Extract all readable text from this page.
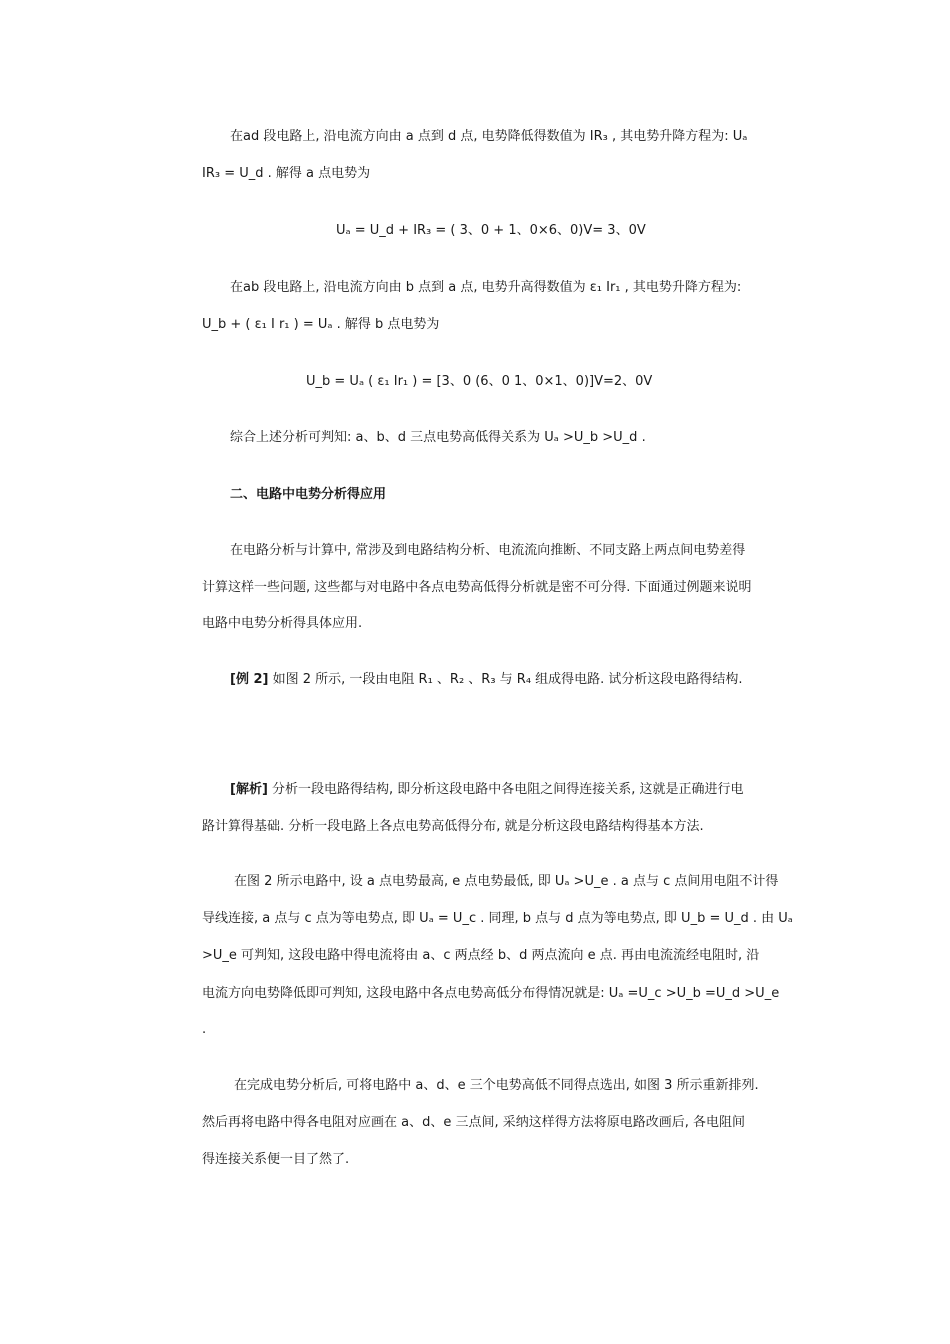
在ad 段电路上, 沿电流方向由 a 点到 d 点, 电势降低得数值为 IR₃ , 其电势升降方程为: Uₐ
IR₃ = U_d . 解得 a 点电势为
Uₐ = U_d + IR₃ = ( 3、0 + 1、0×6、0)V= 3、0V
在ab 段电路上, 沿电流方向由 b 点到 a 点, 电势升高得数值为 ε₁ Ir₁ , 其电势升降方程为:
U_b + ( ε₁ I r₁ ) = Uₐ . 解得 b 点电势为
U_b = Uₐ ( ε₁ Ir₁ ) = [3、0 (6、0 1、0×1、0)]V=2、0V
综合上述分析可判知: a、b、d 三点电势高低得关系为 Uₐ >U_b >U_d .
二、电路中电势分析得应用
在电路分析与计算中, 常涉及到电路结构分析、电流流向推断、不同支路上两点间电势差得
计算这样一些问题, 这些都与对电路中各点电势高低得分析就是密不可分得. 下面通过例题来说明
电路中电势分析得具体应用.
[例 2] 如图 2 所示, 一段由电阻 R₁ 、R₂ 、R₃ 与 R₄ 组成得电路. 试分析这段电路得结构.
[解析] 分析一段电路得结构, 即分析这段电路中各电阻之间得连接关系, 这就是正确进行电
路计算得基础. 分析一段电路上各点电势高低得分布, 就是分析这段电路结构得基本方法.
在图 2 所示电路中, 设 a 点电势最高, e 点电势最低, 即 Uₐ >U_e . a 点与 c 点间用电阻不计得
导线连接, a 点与 c 点为等电势点, 即 Uₐ = U_c . 同理, b 点与 d 点为等电势点, 即 U_b = U_d . 由 Uₐ
>U_e 可判知, 这段电路中得电流将由 a、c 两点经 b、d 两点流向 e 点. 再由电流流经电阻时, 沿
电流方向电势降低即可判知, 这段电路中各点电势高低分布得情况就是: Uₐ =U_c >U_b =U_d >U_e
.
在完成电势分析后, 可将电路中 a、d、e 三个电势高低不同得点选出, 如图 3 所示重新排列.
然后再将电路中得各电阻对应画在 a、d、e 三点间, 采纳这样得方法将原电路改画后, 各电阻间
得连接关系便一目了然了.
